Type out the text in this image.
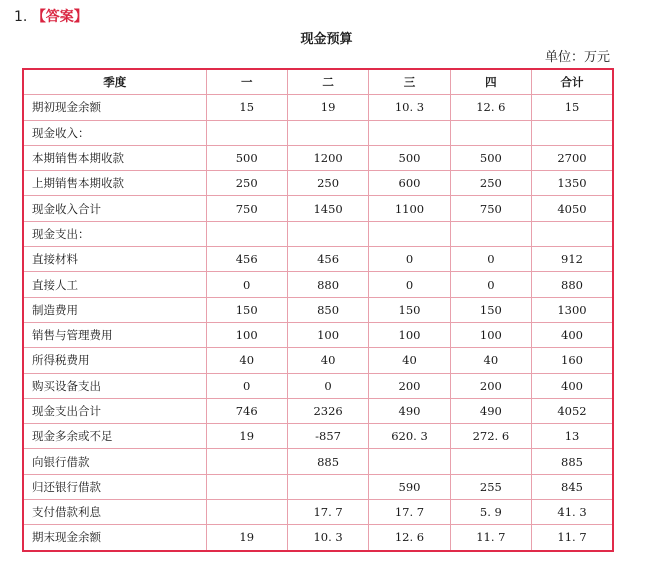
1. 【答案】
现金预算
单位：万元
季度	一	二	三	四	合计
期初现金余额	15	19	10. 3	12. 6	15
现金收入：					
本期销售本期收款	500	1200	500	500	2700
上期销售本期收款	250	250	600	250	1350
现金收入合计	750	1450	1100	750	4050
现金支出：					
直接材料	456	456	0	0	912
直接人工	0	880	0	0	880
制造费用	150	850	150	150	1300
销售与管理费用	100	100	100	100	400
所得税费用	40	40	40	40	160
购买设备支出	0	0	200	200	400
现金支出合计	746	2326	490	490	4052
现金多余或不足	19	-857	620. 3	272. 6	13
向银行借款		885			885
归还银行借款			590	255	845
支付借款利息		17. 7	17. 7	5. 9	41. 3
期末现金余额	19	10. 3	12. 6	11. 7	11. 7
